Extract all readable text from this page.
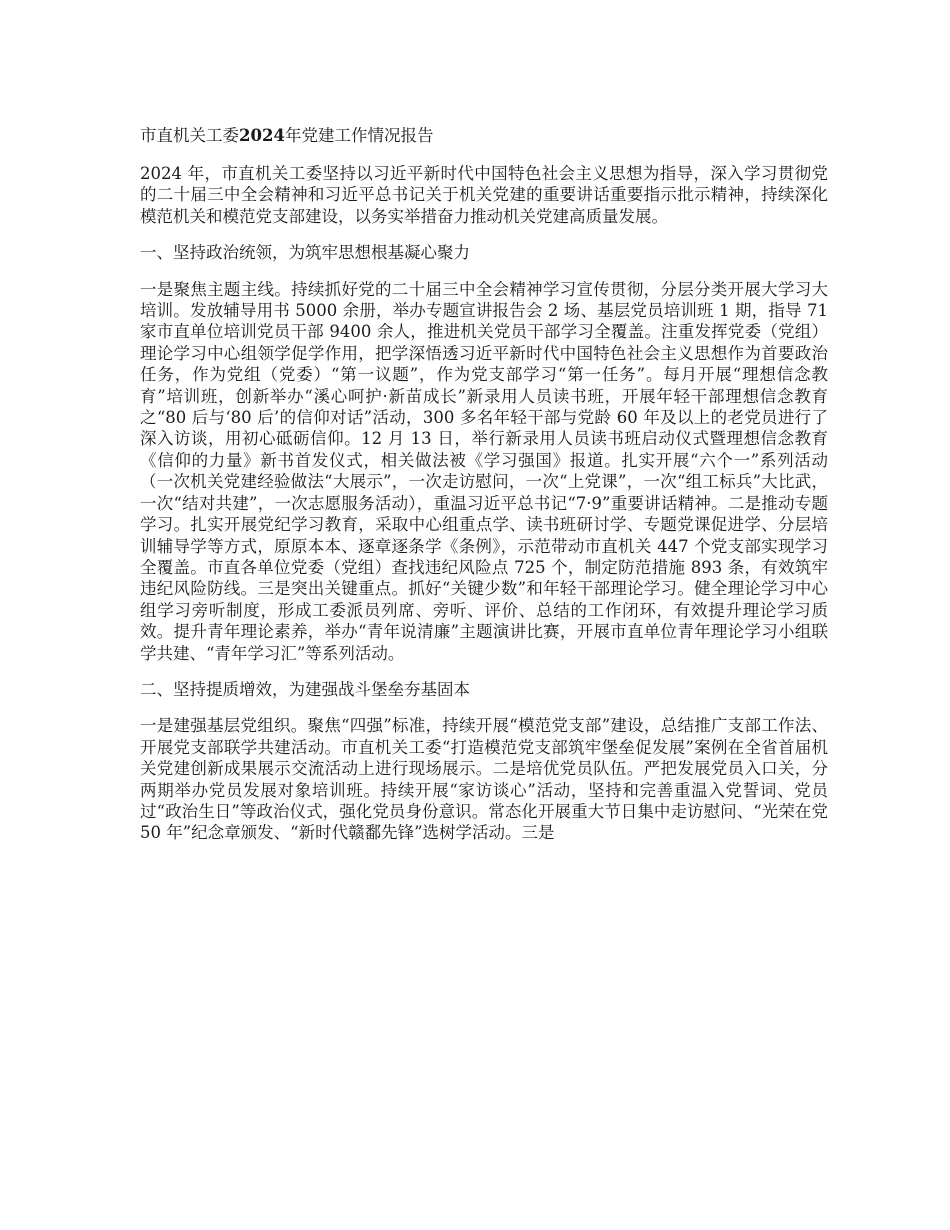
市直机关工委2024年党建工作情况报告

2024 年，市直机关工委坚持以习近平新时代中国特色社会主义思想为指导，深入学习贯彻党的二十届三中全会精神和习近平总书记关于机关党建的重要讲话重要指示批示精神，持续深化模范机关和模范党支部建设，以务实举措奋力推动机关党建高质量发展。

一、坚持政治统领，为筑牢思想根基凝心聚力

一是聚焦主题主线。持续抓好党的二十届三中全会精神学习宣传贯彻，分层分类开展大学习大培训。发放辅导用书 5000 余册，举办专题宣讲报告会 2 场、基层党员培训班 1 期，指导 71 家市直单位培训党员干部 9400 余人，推进机关党员干部学习全覆盖。注重发挥党委（党组）理论学习中心组领学促学作用，把学深悟透习近平新时代中国特色社会主义思想作为首要政治任务，作为党组（党委）“第一议题”，作为党支部学习“第一任务”。每月开展“理想信念教育”培训班，创新举办“溪心呵护·新苗成长”新录用人员读书班，开展年轻干部理想信念教育之“80 后与‘80 后’的信仰对话”活动，300 多名年轻干部与党龄 60 年及以上的老党员进行了深入访谈，用初心砥砺信仰。12 月 13 日，举行新录用人员读书班启动仪式暨理想信念教育《信仰的力量》新书首发仪式，相关做法被《学习强国》报道。扎实开展“六个一”系列活动（一次机关党建经验做法“大展示”，一次走访慰问，一次“上党课”，一次“组工标兵”大比武，一次“结对共建”，一次志愿服务活动），重温习近平总书记“7·9”重要讲话精神。二是推动专题学习。扎实开展党纪学习教育，采取中心组重点学、读书班研讨学、专题党课促进学、分层培训辅导学等方式，原原本本、逐章逐条学《条例》，示范带动市直机关 447 个党支部实现学习全覆盖。市直各单位党委（党组）查找违纪风险点 725 个，制定防范措施 893 条，有效筑牢违纪风险防线。三是突出关键重点。抓好“关键少数”和年轻干部理论学习。健全理论学习中心组学习旁听制度，形成工委派员列席、旁听、评价、总结的工作闭环，有效提升理论学习质效。提升青年理论素养，举办“青年说清廉”主题演讲比赛，开展市直单位青年理论学习小组联学共建、“青年学习汇”等系列活动。

二、坚持提质增效，为建强战斗堡垒夯基固本

一是建强基层党组织。聚焦“四强”标准，持续开展“模范党支部”建设，总结推广支部工作法、开展党支部联学共建活动。市直机关工委“打造模范党支部筑牢堡垒促发展”案例在全省首届机关党建创新成果展示交流活动上进行现场展示。二是培优党员队伍。严把发展党员入口关，分两期举办党员发展对象培训班。持续开展“家访谈心”活动，坚持和完善重温入党誓词、党员过“政治生日”等政治仪式，强化党员身份意识。常态化开展重大节日集中走访慰问、“光荣在党 50 年”纪念章颁发、“新时代赣鄱先锋”选树学活动。三是
